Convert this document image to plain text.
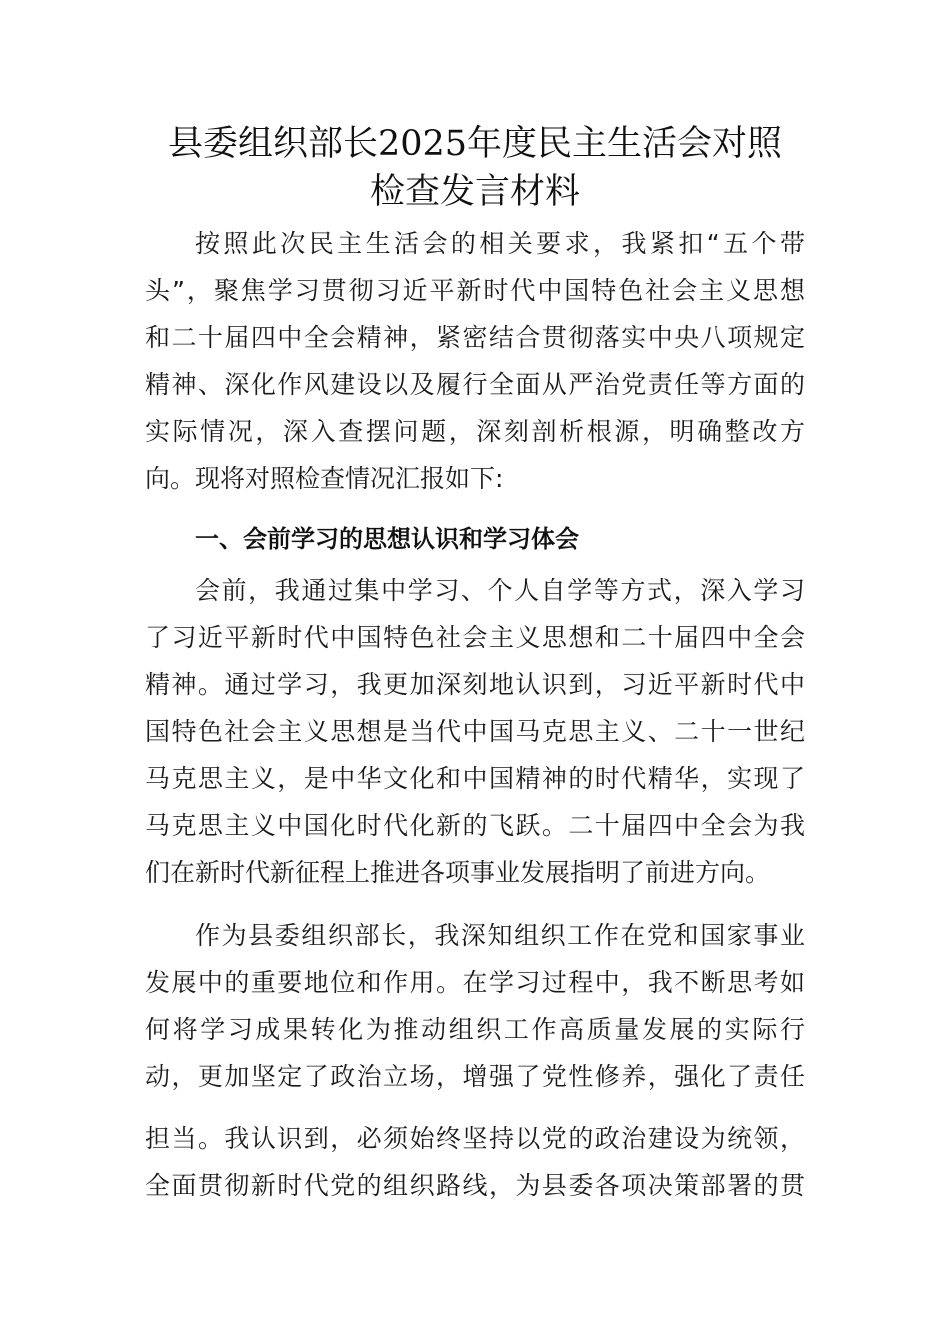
县委组织部长2025年度民主生活会对照
检查发言材料
按照此次民主生活会的相关要求，我紧扣“五个带
头”，聚焦学习贯彻习近平新时代中国特色社会主义思想
和二十届四中全会精神，紧密结合贯彻落实中央八项规定
精神、深化作风建设以及履行全面从严治党责任等方面的
实际情况，深入查摆问题，深刻剖析根源，明确整改方
向。现将对照检查情况汇报如下:
一、会前学习的思想认识和学习体会
会前，我通过集中学习、个人自学等方式，深入学习
了习近平新时代中国特色社会主义思想和二十届四中全会
精神。通过学习，我更加深刻地认识到，习近平新时代中
国特色社会主义思想是当代中国马克思主义、二十一世纪
马克思主义，是中华文化和中国精神的时代精华，实现了
马克思主义中国化时代化新的飞跃。二十届四中全会为我
们在新时代新征程上推进各项事业发展指明了前进方向。
作为县委组织部长，我深知组织工作在党和国家事业
发展中的重要地位和作用。在学习过程中，我不断思考如
何将学习成果转化为推动组织工作高质量发展的实际行
动，更加坚定了政治立场，增强了党性修养，强化了责任
担当。我认识到，必须始终坚持以党的政治建设为统领，
全面贯彻新时代党的组织路线，为县委各项决策部署的贯
